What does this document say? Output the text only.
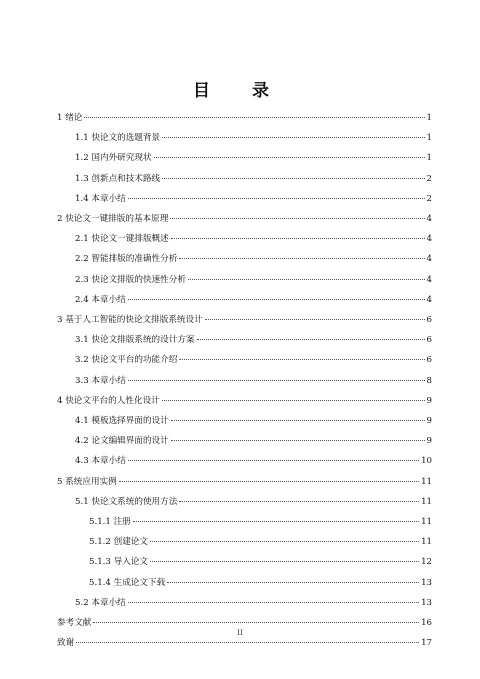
目 录
1 绪论	1
1.1 快论文的选题背景	1
1.2 国内外研究现状	1
1.3 创新点和技术路线	2
1.4 本章小结	2
2 快论文一键排版的基本原理	4
2.1 快论文一键排版概述	4
2.2 智能排版的准确性分析	4
2.3 快论文排版的快速性分析	4
2.4 本章小结	4
3 基于人工智能的快论文排版系统设计	6
3.1 快论文排版系统的设计方案	6
3.2 快论文平台的功能介绍	6
3.3 本章小结	8
4 快论文平台的人性化设计	9
4.1 模板选择界面的设计	9
4.2 论文编辑界面的设计	9
4.3 本章小结	10
5 系统应用实例	11
5.1 快论文系统的使用方法	11
5.1.1 注册	11
5.1.2 创建论文	11
5.1.3 导入论文	12
5.1.4 生成论文下载	13
5.2 本章小结	13
参考文献	16
致谢	17
II
